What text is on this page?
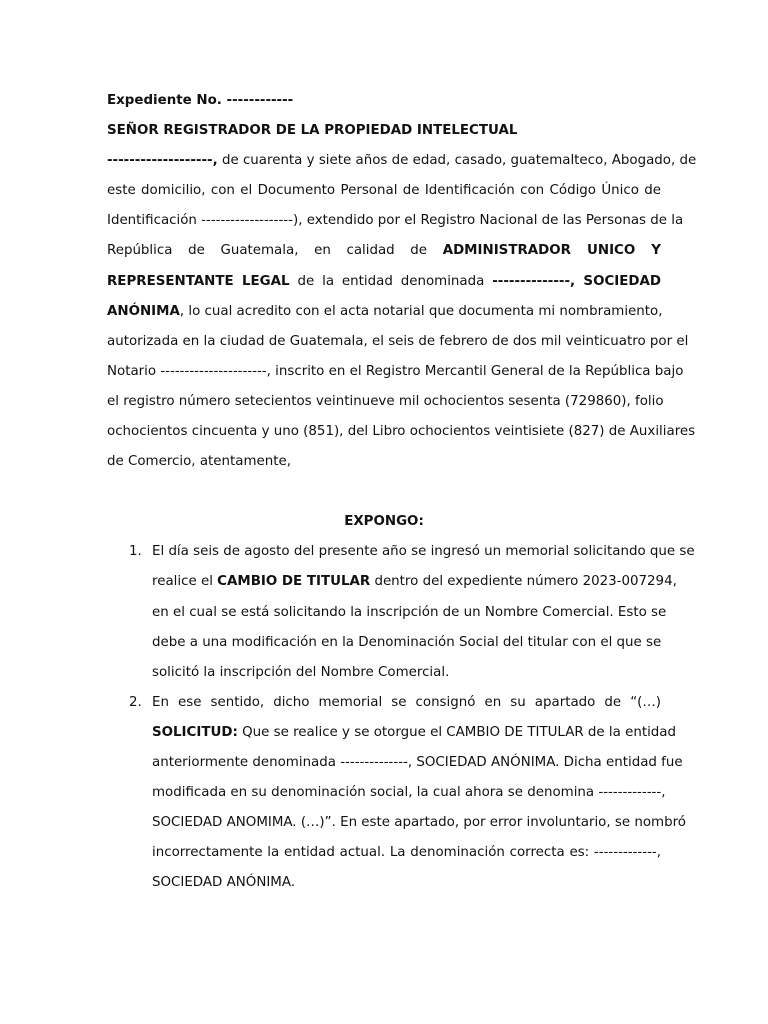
Expediente No. ------------
SEÑOR REGISTRADOR DE LA PROPIEDAD INTELECTUAL
-------------------, de cuarenta y siete años de edad, casado, guatemalteco, Abogado, de
este domicilio, con el Documento Personal de Identificación con Código Único de
Identificación -------------------), extendido por el Registro Nacional de las Personas de la
República de Guatemala, en calidad de ADMINISTRADOR UNICO Y
REPRESENTANTE LEGAL de la entidad denominada --------------, SOCIEDAD
ANÓNIMA, lo cual acredito con el acta notarial que documenta mi nombramiento,
autorizada en la ciudad de Guatemala, el seis de febrero de dos mil veinticuatro por el
Notario ----------------------, inscrito en el Registro Mercantil General de la República bajo
el registro número setecientos veintinueve mil ochocientos sesenta (729860), folio
ochocientos cincuenta y uno (851), del Libro ochocientos veintisiete (827) de Auxiliares
de Comercio, atentamente,
EXPONGO:
1. El día seis de agosto del presente año se ingresó un memorial solicitando que se
realice el CAMBIO DE TITULAR dentro del expediente número 2023-007294,
en el cual se está solicitando la inscripción de un Nombre Comercial. Esto se
debe a una modificación en la Denominación Social del titular con el que se
solicitó la inscripción del Nombre Comercial.
2. En ese sentido, dicho memorial se consignó en su apartado de “(…)
SOLICITUD: Que se realice y se otorgue el CAMBIO DE TITULAR de la entidad
anteriormente denominada --------------, SOCIEDAD ANÓNIMA. Dicha entidad fue
modificada en su denominación social, la cual ahora se denomina -------------,
SOCIEDAD ANOMIMA. (…)”. En este apartado, por error involuntario, se nombró
incorrectamente la entidad actual. La denominación correcta es: -------------,
SOCIEDAD ANÓNIMA.
